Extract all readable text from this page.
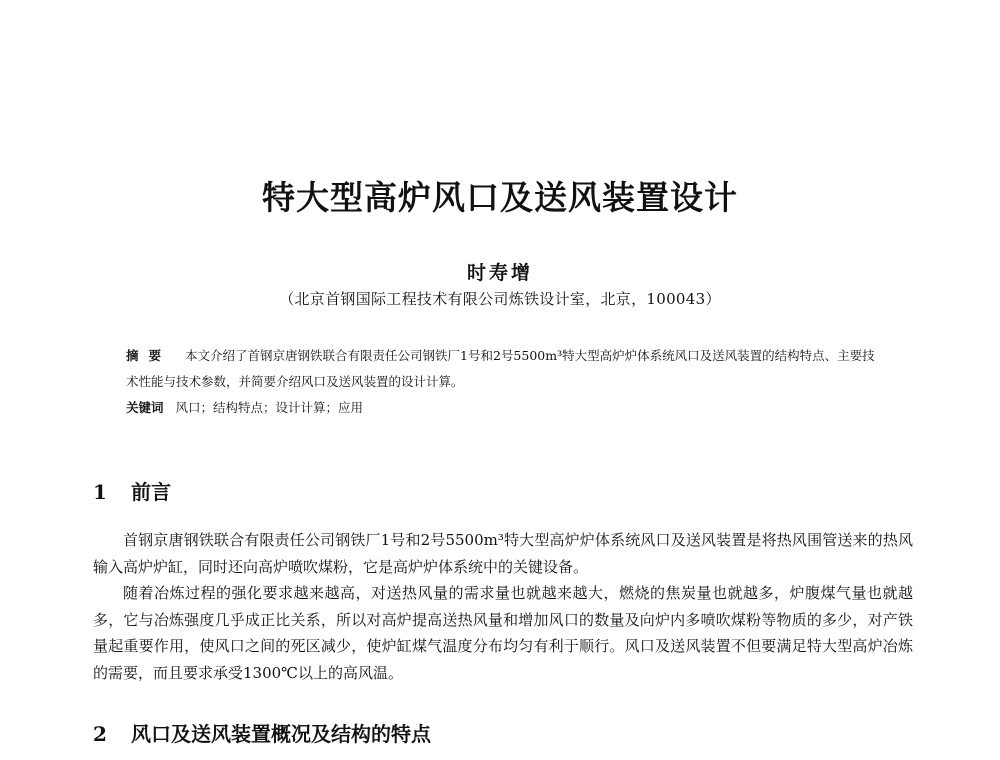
特大型高炉风口及送风装置设计
时寿增
（北京首钢国际工程技术有限公司炼铁设计室，北京，100043）
摘要 本文介绍了首钢京唐钢铁联合有限责任公司钢铁厂1号和2号5500m³特大型高炉炉体系统风口及送风装置的结构特点、主要技术性能与技术参数，并简要介绍风口及送风装置的设计计算。
关键词 风口；结构特点；设计计算；应用
1 前言

首钢京唐钢铁联合有限责任公司钢铁厂1号和2号5500m³特大型高炉炉体系统风口及送风装置是将热风围管送来的热风输入高炉炉缸，同时还向高炉喷吹煤粉，它是高炉炉体系统中的关键设备。

随着冶炼过程的强化要求越来越高，对送热风量的需求量也就越来越大，燃烧的焦炭量也就越多，炉腹煤气量也就越多，它与冶炼强度几乎成正比关系，所以对高炉提高送热风量和增加风口的数量及向炉内多喷吹煤粉等物质的多少，对产铁量起重要作用，使风口之间的死区减少，使炉缸煤气温度分布均匀有利于顺行。风口及送风装置不但要满足特大型高炉冶炼的需要，而且要求承受1300℃以上的高风温。

2 风口及送风装置概况及结构的特点
